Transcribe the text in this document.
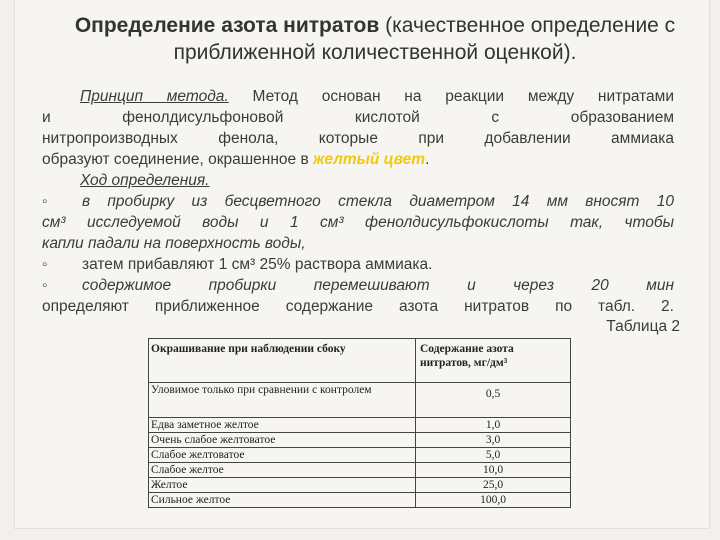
Определение азота нитратов (качественное определение с приближенной количественной оценкой).

Принцип метода. Метод основан на реакции между нитратами

и фенолдисульфоновой кислотой с образованием

нитропроизводных фенола, которые при добавлении аммиака

образуют соединение, окрашенное в желтый цвет.

Ход определения.

◦ в пробирку из бесцветного стекла диаметром 14 мм вносят 10

см³ исследуемой воды и 1 см³ фенолдисульфокислоты так, чтобы

капли падали на поверхность воды,

◦ затем прибавляют 1 см³ 25% раствора аммиака.

◦ содержимое пробирки перемешивают и через 20 мин

определяют приближенное содержание азота нитратов по табл. 2.

Таблица 2
Окрашивание при наблюдении сбоку	Содержание азота
нитратов, мг/дм³
Уловимое только при сравнении с контролем	0,5
Едва заметное желтое	1,0
Очень слабое желтоватое	3,0
Слабое желтоватое	5,0
Слабое желтое	10,0
Желтое	25,0
Сильное желтое	100,0
